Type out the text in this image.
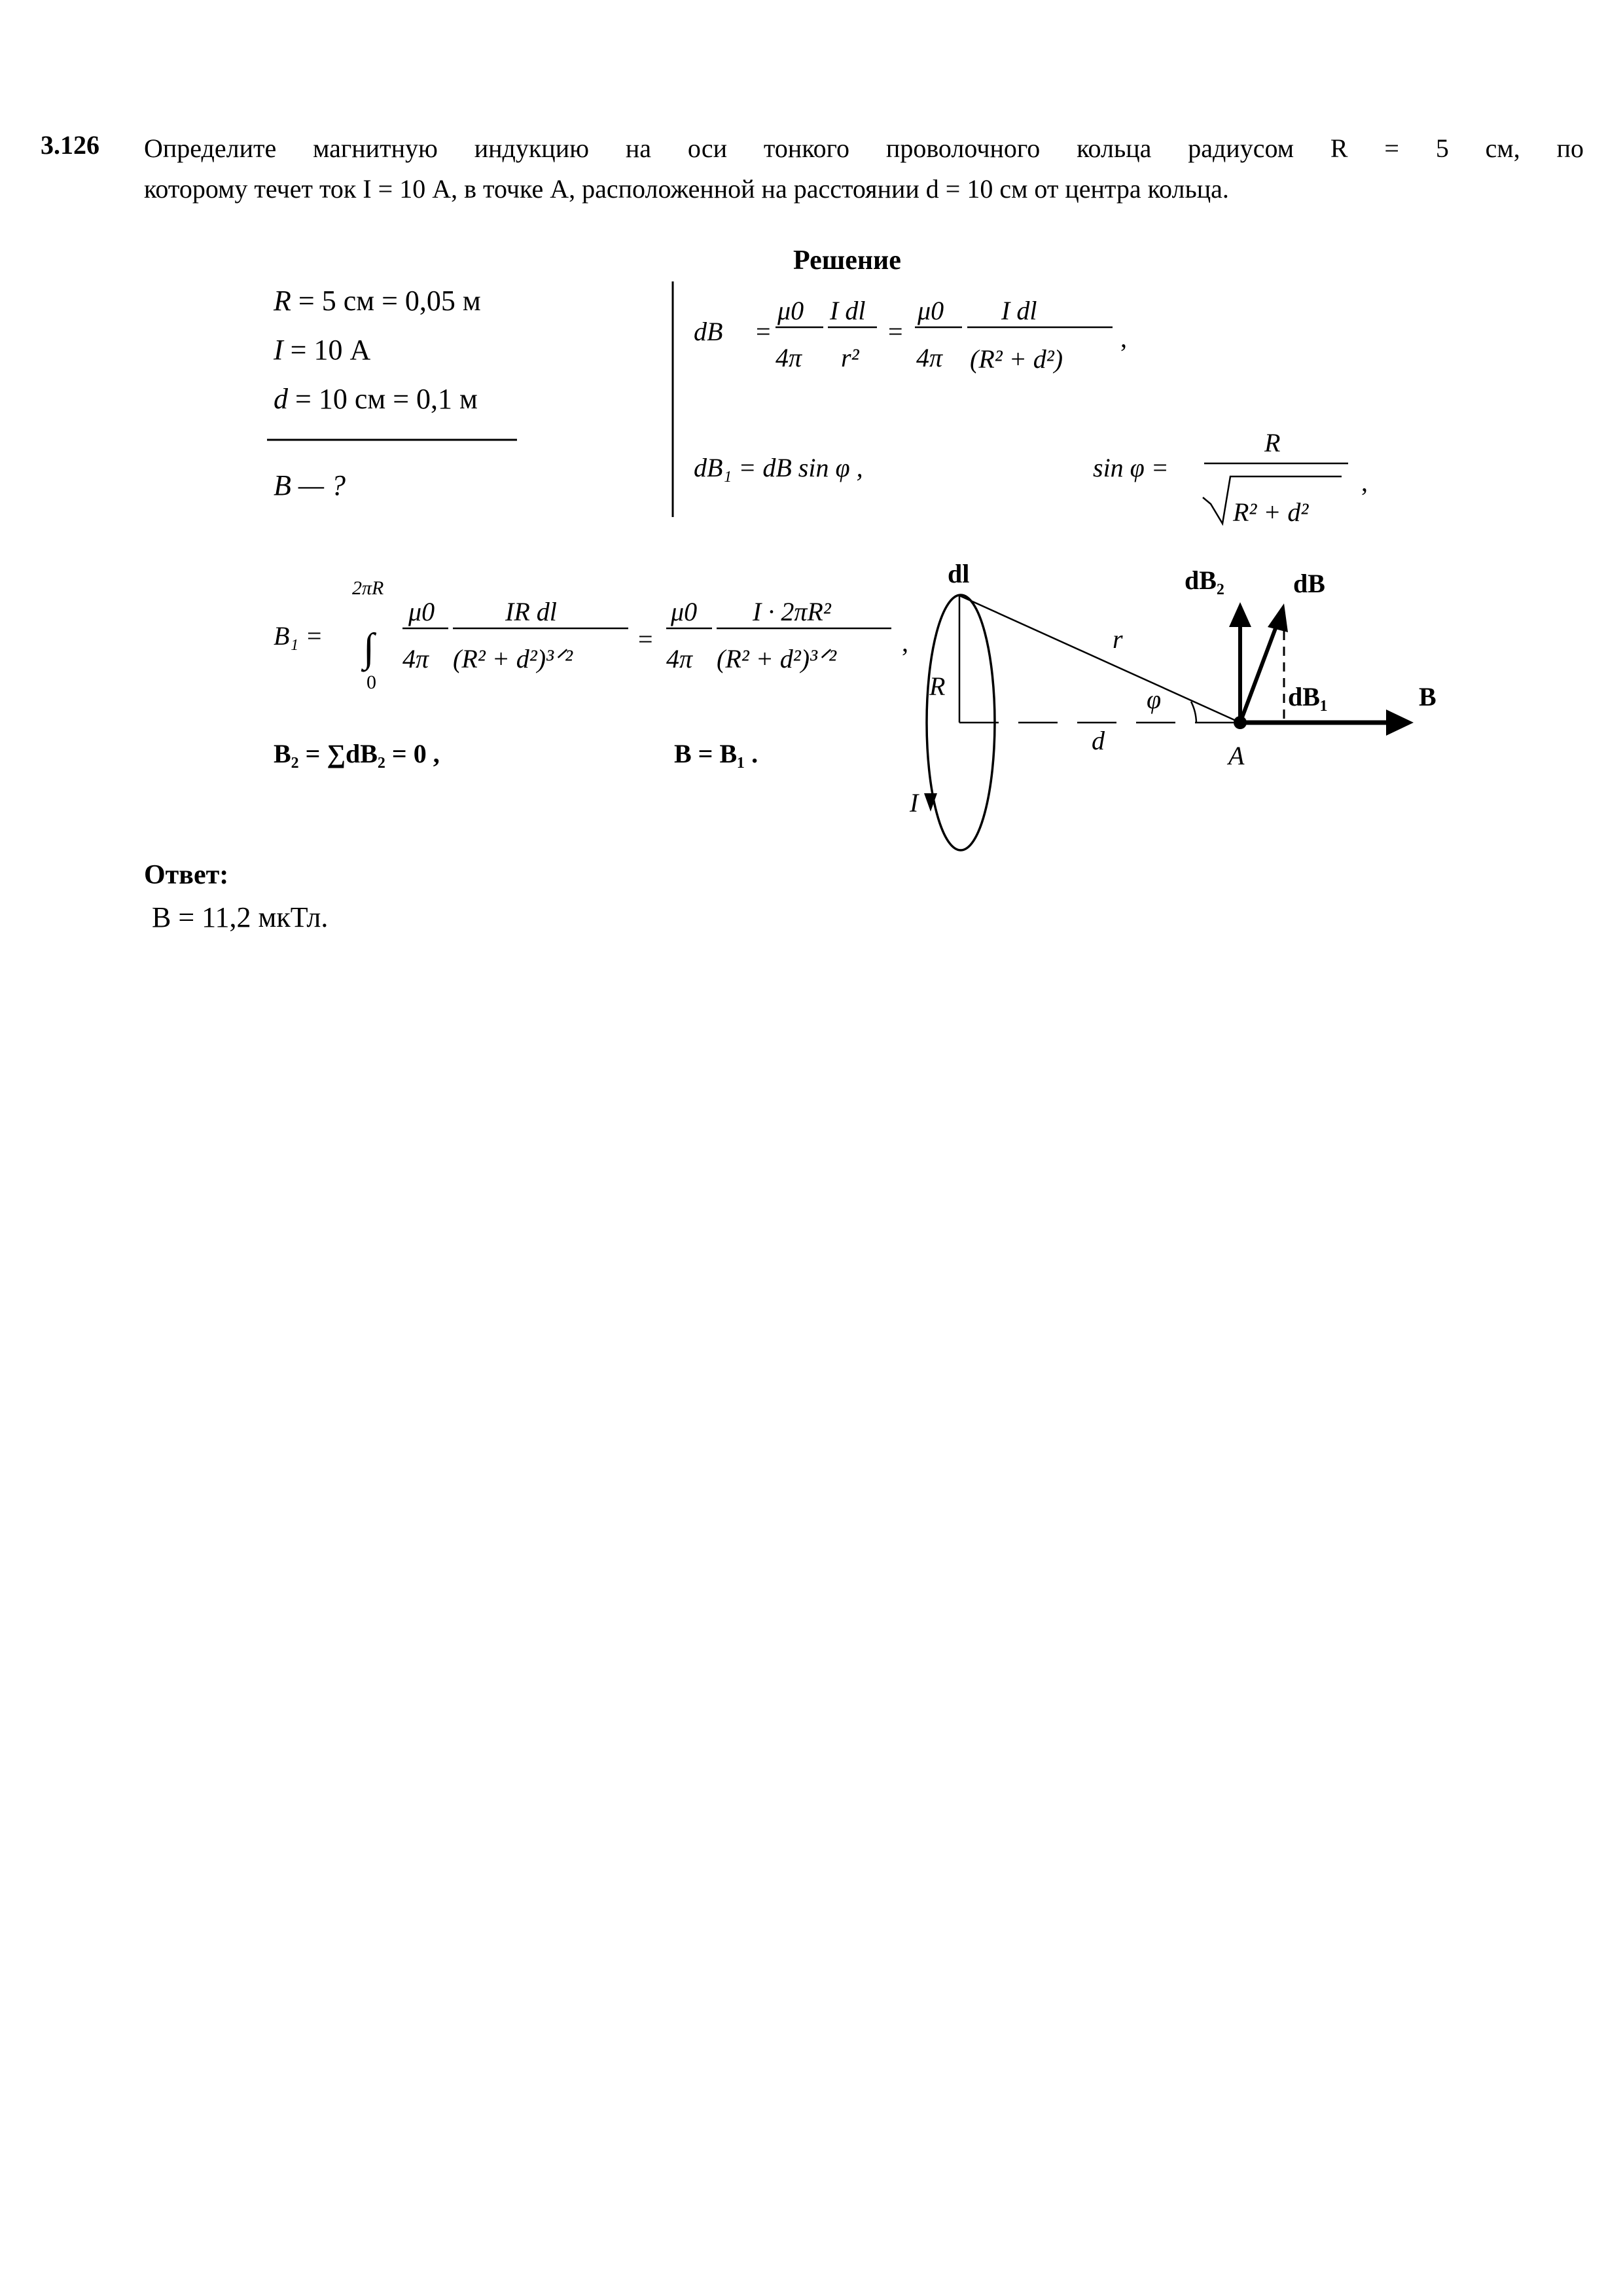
3.126 Определите магнитную индукцию на оси тонкого проволочного кольца радиусом R = 5 см, по
которому течет ток I = 10 А, в точке А, расположенной на расстоянии d = 10 см от центра кольца.
Решение
R = 5 см = 0,05 м
I = 10 А
d = 10 см = 0,1 м
B — ?
dB =
μ0
4π
I dl
r²
=
μ0
4π
I dl
(R² + d²)
,
dB₁ = dB sin φ ,	sin φ =
R
R² + d²
,
B₁ =
2πR
∫
0
μ0
4π
IR dl
(R² + d²)³ᐟ²
=
μ0
4π
I · 2πR²
(R² + d²)³ᐟ²
,
B₂ = ∑dB₂ = 0 ,	B = B₁ .
dl
r
R	φ
d
A
I
dB₂	dB
dB₁	B
Ответ:
B = 11,2 мкТл.
